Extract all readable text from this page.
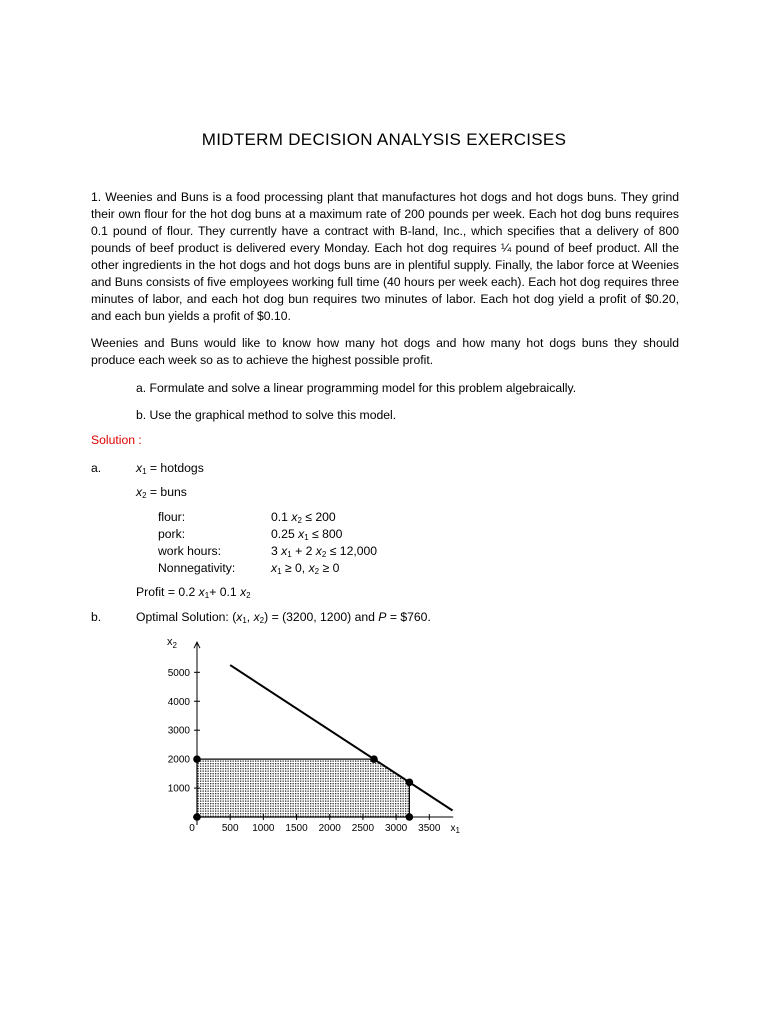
MIDTERM DECISION ANALYSIS EXERCISES
1. Weenies and Buns is a food processing plant that manufactures hot dogs and hot dogs buns. They grind their own flour for the hot dog buns at a maximum rate of 200 pounds per week. Each hot dog buns requires 0.1 pound of flour. They currently have a contract with B-land, Inc., which specifies that a delivery of 800 pounds of beef product is delivered every Monday. Each hot dog requires ¼ pound of beef product. All the other ingredients in the hot dogs and hot dogs buns are in plentiful supply. Finally, the labor force at Weenies and Buns consists of five employees working full time (40 hours per week each). Each hot dog requires three minutes of labor, and each hot dog bun requires two minutes of labor. Each hot dog yield a profit of $0.20, and each bun yields a profit of $0.10.
Weenies and Buns would like to know how many hot dogs and how many hot dogs buns they should produce each week so as to achieve the highest possible profit.
a. Formulate and solve a linear programming model for this problem algebraically.
b. Use the graphical method to solve this model.
Solution :
a.	$x_1$ = hotdogs
$x_2$ = buns
flour:	0.1 $x_2 \le 200$
pork:	0.25 $x_1 \le 800$
work hours:	3 $x_1 + 2$ $x_2 \le 12,000$
Nonnegativity:	$x_1 \ge 0$, $x_2 \ge 0$
Profit = 0.2 $x_1+ 0.1$ $x_2$
b.	Optimal Solution: ($x_1$, $x_2) = (3200$, 1200) and P = $760.
1000
2000
3000
4000
5000
0	500 1000 1500 2000 2500 3000 3500
$x_2$
$x_1$
